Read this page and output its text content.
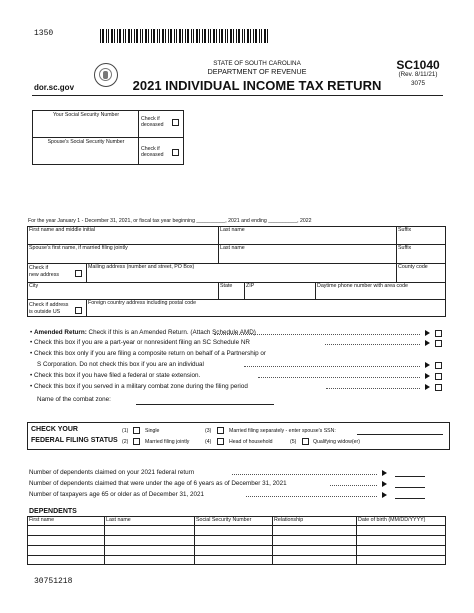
1350
STATE OF SOUTH CAROLINA
DEPARTMENT OF REVENUE
2021 INDIVIDUAL INCOME TAX RETURN
dor.sc.gov
SC1040
(Rev. 8/11/21)
3075
Your Social Security Number
Spouse's Social Security Number
Check if
deceased
Check if
deceased
For the year January 1 - December 31, 2021, or fiscal tax year beginning __________, 2021 and ending __________, 2022
First name and middle initial	Last name	Suffix
Spouse's first name, if married filing jointly	Last name	Suffix
Check if
new address
Mailing address (number and street, PO Box)	County code
City	State	ZIP	Daytime phone number with area code
Check if address
is outside US
Foreign country address including postal code
• Amended Return: Check if this is an Amended Return. (Attach Schedule AMD)
• Check this box if you are a part-year or nonresident filing an SC Schedule NR
• Check this box only if you are filing a composite return on behalf of a Partnership or
S Corporation. Do not check this box if you are an individual
• Check this box if you have filed a federal or state extension.
• Check this box if you served in a military combat zone during the filing period
Name of the combat zone:
CHECK YOUR
FEDERAL FILING STATUS
(1)	Single
(2)	Married filing jointly
(3)	Married filing separately - enter spouse's SSN:
(4)	Head of household	(5)	Qualifying widow(er)
Number of dependents claimed on your 2021 federal return
Number of dependents claimed that were under the age of 6 years as of December 31, 2021
Number of taxpayers age 65 or older as of December 31, 2021
DEPENDENTS
First name	Last name	Social Security Number	Relationship	Date of birth (MM/DD/YYYY)
30751218
